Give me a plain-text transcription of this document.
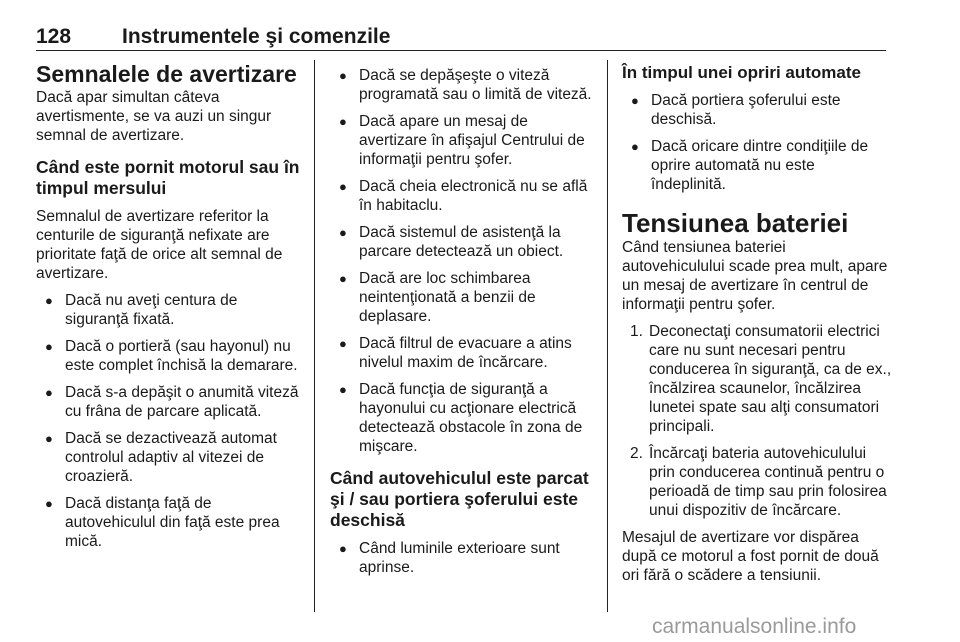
128 Instrumentele şi comenzile
Semnalele de avertizare

Dacă apar simultan câteva avertismente, se va auzi un singur semnal de avertizare.

Când este pornit motorul sau în timpul mersului

Semnalul de avertizare referitor la centurile de siguranţă nefixate are prioritate faţă de orice alt semnal de avertizare.

● Dacă nu aveţi centura de siguranţă fixată.
● Dacă o portieră (sau hayonul) nu este complet închisă la demarare.
● Dacă s-a depăşit o anumită viteză cu frâna de parcare aplicată.
● Dacă se dezactivează automat controlul adaptiv al vitezei de croazieră.
● Dacă distanţa faţă de autovehiculul din faţă este prea mică.
● Dacă se depăşeşte o viteză programată sau o limită de viteză.
● Dacă apare un mesaj de avertizare în afişajul Centrului de informaţii pentru şofer.
● Dacă cheia electronică nu se află în habitaclu.
● Dacă sistemul de asistenţă la parcare detectează un obiect.
● Dacă are loc schimbarea neintenţionată a benzii de deplasare.
● Dacă filtrul de evacuare a atins nivelul maxim de încărcare.
● Dacă funcţia de siguranţă a hayonului cu acţionare electrică detectează obstacole în zona de mişcare.
Când autovehiculul este parcat şi / sau portiera şoferului este deschisă
● Când luminile exterioare sunt aprinse.
În timpul unei opriri automate
● Dacă portiera şoferului este deschisă.
● Dacă oricare dintre condiţiile de oprire automată nu este îndeplinită.
Tensiunea bateriei

Când tensiunea bateriei autovehiculului scade prea mult, apare un mesaj de avertizare în centrul de informaţii pentru şofer.

1. Deconectaţi consumatorii electrici care nu sunt necesari pentru conducerea în siguranţă, ca de ex., încălzirea scaunelor, încălzirea lunetei spate sau alţi consumatori principali.
2. Încărcaţi bateria autovehiculului prin conducerea continuă pentru o perioadă de timp sau prin folosirea unui dispozitiv de încărcare.

Mesajul de avertizare vor dispărea după ce motorul a fost pornit de două ori fără o scădere a tensiunii.

carmanualsonline.info
